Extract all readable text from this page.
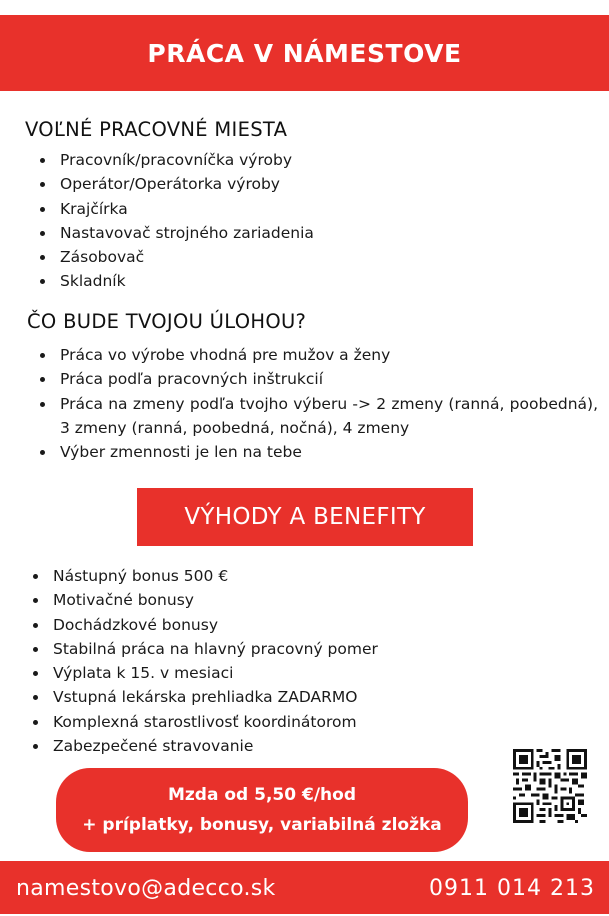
PRÁCA V NÁMESTOVE
VOĽNÉ PRACOVNÉ MIESTA
Pracovník/pracovníčka výroby
Operátor/Operátorka výroby
Krajčírka
Nastavovač strojného zariadenia
Zásobovač
Skladník
ČO BUDE TVOJOU ÚLOHOU?
Práca vo výrobe vhodná pre mužov a ženy
Práca podľa pracovných inštrukcií
Práca na zmeny podľa tvojho výberu -> 2 zmeny (ranná, poobedná), 3 zmeny (ranná, poobedná, nočná), 4 zmeny
Výber zmennosti je len na tebe
VÝHODY A BENEFITY
Nástupný bonus 500 €
Motivačné bonusy
Dochádzkové bonusy
Stabilná práca na hlavný pracovný pomer
Výplata k 15. v mesiaci
Vstupná lekárska prehliadka ZADARMO
Komplexná starostlivosť koordinátorom
Zabezpečené stravovanie
Mzda od 5,50 €/hod
+ príplatky, bonusy, variabilná zložka
namestovo@adecco.sk	0911 014 213
